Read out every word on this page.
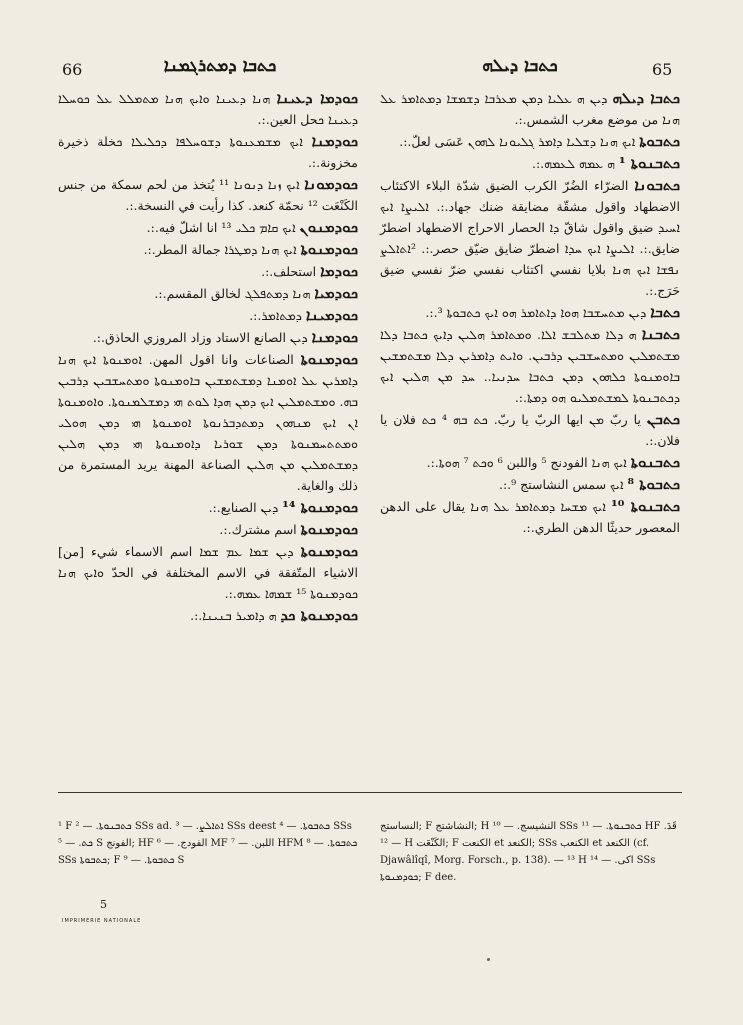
66	ܟܬܒܐ ܕܡܬܪܓܡܢܐ	ܟܬܒܐ ܕܝܠܗ	65

ܟܘܕܡܐ ܕܥܝܢܐ ܗܢܐ ܕܥܝܢܐ ܘܐܝܟ ܗܢܐ ܡܬܡܠܠ ܥܠ ܟܘܚܠܐ ܕܥܝܢܐ ܟحل العين.:.

ܟܘܕܡܢܐ ܐܝܟ ܡܫܡܥܢܘܬܐ ܕܫܘܚܠܦܐ ܕܟܠܝܠܐ ܟخلة ذخيرة مخزونة.:.

ܟܘܕܡܘܢܐ ܐܝܟ ܙܢܐ ܕܢܘܢܐ ¹¹ يُتخذ من لحم سمكة من جنس الكَنْعَت ¹² نحمّة كنعد. كذا رأيت في النسخة.:.

ܟܘܕܡܢܘܢ ܐܝܟ ܩܐܡ ܟܠܝ ¹³ انا اشلّ فيه.:.

ܟܘܕܡܢܘܬܐ ܐܝܟ ܗܢܐ ܕܡܛܪܐ جمالة المطر.:.

ܟܘܕܡܐ استحلف.:.

ܟܘܕܡܝܐ ܗܢܐ ܕܡܬܦܠܓ لخالق المقسم.:.

ܟܘܕܡܝܢܐ ܕܡܬܐܡܪ.:.

ܟܘܕܡܢܐ ܕܝܢ الصانع الاستاد وزاد المروزي الحاذق.:.

ܟܘܕܡܢܘܬܐ الصناعات وانا اقول المهن. ܐܘܡܢܘܬܐ ܐܝܟ ܗܢܐ ܕܐܡܪܝܢ ܥܠ ܐܘܡܢܐ ܕܡܫܬܡܫܝܢ ܒܐܘܡܢܘܬܐ ܘܡܬܚܫܒܝܢ ܕܪܒܝܢ ܒܗ. ܘܡܫܬܡܠܝܢ ܐܝܟ ܕܡܢ ܗܕܐ ܠܘܬ ܗܝ ܕܡܫܠܡܢܘܬܐ. ܘܐܘܡܢܘܬܐ ܐܢ ܐܝܟ ܡܢܗܘܢ ܕܡܬܕܒܪܢܘܬܐ ܐܘܡܢܘܬܐ ܗܝ ܕܡܢ ܗܘܠܝ ܘܡܬܬܚܡܢܘܬܐ ܕܡܢ ܫܘܪܝܐ ܕܐܘܡܢܘܬܐ ܗܝ ܕܡܢ ܗܠܝܢ ܕܡܫܬܡܠܝܢ ܡܢ ܗܠܝܢ الصناعة المهنة يريد المستمرة من ذلك والغاية.

ܟܘܕܡܢܘܬܐ ¹⁴ ܕܝܢ الصنايع.:.

ܟܘܕܡܢܘܬܐ اسم مشترك.:.

ܟܘܕܡܢܘܬܐ ܕܝܢ ܫܡܐ ܥܡ ܫܡܐ اسم الاسماء شيء [من] الاشياء المتّفقة في الاسم المختلفة في الحدّ ܘܐܝܟ ܗܢܐ ܟܘܕܡܢܘܬܐ ¹⁵ ܫܡܗܐ ܥܡܗ.:.

ܟܘܕܡܢܘܬܐ ܟܕ ܗ ܕܐܡܝܪ ܒܢܝܢܐ.:.

ܟܬܒܐ ܕܝܠܗ ܕܝܢ ܗ ܥܠܝܐ ܕܡܢ ܡܥܪܒܐ ܕܫܡܫܐ ܕܡܬܐܡܪ ܥܠ ܗܢܐ من موضع مغرب الشمس.:.

ܟܬܒܘܬܐ ܐܝܟ ܗܢܐ ܕܫܠܝܐ ܕܐܡܪ ܓܠܝܘܢܐ ܠܗܘܢ عَسَى لعلّ.:.

ܟܬܒܢܘܬܐ ¹ ܗ ܥܡܗ ܠܥܡܗ.:.

ܟܬܒܘܢܐ الضرّاء الضُرّ الكرب الضيق شدّة البلاء الاكتئاب الاضطهاد واقول مشقّة مضايقة ضنك جهاد.:. ܐܠܝܨܐ ܐܝܟ ܐܚܝܕ ضيق واقول شاقّ ܕܐ الحصار الاحراج الاضطهاد اضطرّ ضايق.:. ܐܠܝܨܐ ܐܝܟ ܚܕܐ اضطرّ ضايق ضيّق حصر.:. ²ܐܬܐܠܨ ܢܦܫܐ ܐܝܟ ܗܢܐ بلايا نفسي اكتئاب نفسي ضرّ نفسي ضيق حَرَج.:.

ܟܬܒܐ ܕܝܢ ܡܬܚܫܒܐ ܗܘܐ ܕܐܬܐܡܪ ܗܘ ܐܝܟ ܟܬܒܘܬܐ ³.:.

ܟܬܒܢܐ ܗ ܕܠܐ ܡܬܠܒܫ ܐܠܐ. ܘܡܬܐܡܪ ܗܠܝܢ ܕܐܝܟ ܟܬܒܐ ܕܠܐ ܡܫܬܡܠܝܢ ܘܡܬܚܫܒܝܢ ܕܪܒܝܢ. ܘܐܝܬ ܕܐܡܪܝܢ ܕܠܐ ܡܫܬܡܫܝܢ ܒܐܘܡܢܘܬܐ ܟܠܗܘܢ ܕܡܢ ܟܬܒܐ ܚܕܢܝܐ.. ܚܕ ܡܢ ܗܠܝܢ ܐܝܟ ܕܟܬܒܢܘܬܐ ܠܡܫܬܡܠܝܘ ܗܘ ܕܡܬܐ.:.

ܟܬܒܢ يا ربّ ܡܢ ايها الربّ يا ربّ. ܟܬ ܒܗ ⁴ ܟܬ فلان يا فلان.:.

ܟܬܒܢܘܬܐ ܐܝܟ ܗܢܐ الفودنج ⁵ واللبن ⁶ ܘܟܬ ⁷ ܗܘܬܐ.:.

ܟܬܒܘܬܐ ⁸ ܐܝܟ سمس النشاستج ⁹.:.

ܟܬܒܢܘܬܐ ¹⁰ ܐܝܟ ܡܫܚܐ ܕܡܬܐܡܪ ܥܠ ܗܢܐ يقال على الدهن المعصور حديثًا الدهن الطري.:.

¹ F ܟܬܒܢܘܬܐ. — ² SSs ad. ܐܬܐܠܨ. — ³ SSs deest ܟܬܒܘܬܐ. — ⁴ SSs ܟܬ. — ⁵ S الفونج; HF الفودج. — ⁶ MF اللبن. — ⁷ HFM ܟܬܒܘܬܐ. — ⁸ SSs ܟܬܒܘܬܐ; F ܟܬܒܘܬܐ. — ⁹ S
النساستج; F النشاشتج; H النشيسج. — ¹⁰ SSs ܟܬܒܢܘܬܐ. — ¹¹ HF قَدَ. — ¹² H الكَنْعَت; F الكنعت et الكنعد; SSs الكنعب et الكنعد (cf. Djawâlîqî, Morg. Forsch., p. 138). — ¹³ H اكى. — ¹⁴ SSs ܟܘܕܡܢܘܬܐ; F dee.
5
IMPRIMERIE NATIONALE
